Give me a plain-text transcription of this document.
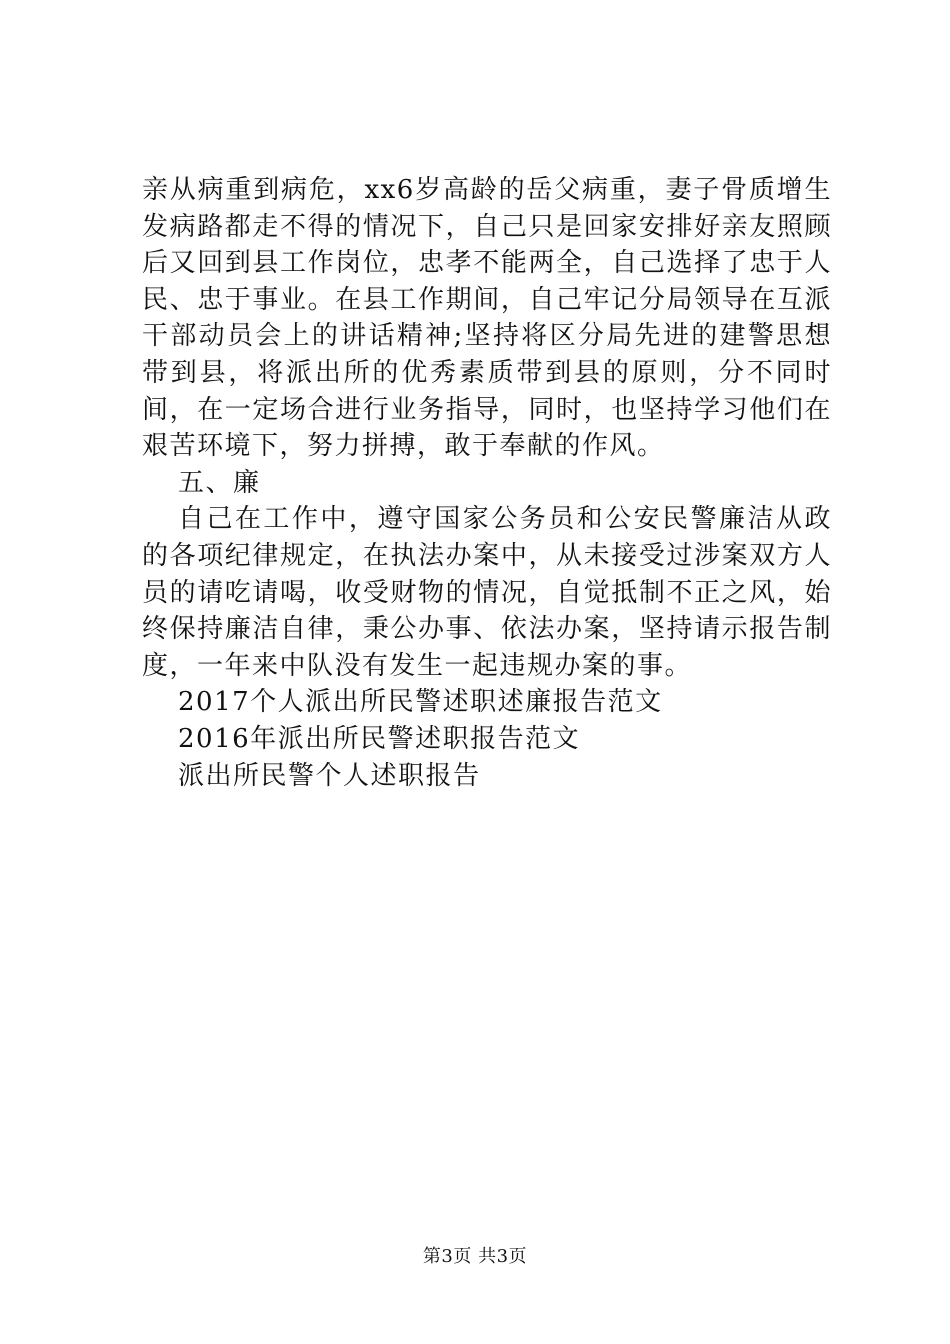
亲从病重到病危，xx6岁高龄的岳父病重，妻子骨质增生发病路都走不得的情况下，自己只是回家安排好亲友照顾后又回到县工作岗位，忠孝不能两全，自己选择了忠于人民、忠于事业。在县工作期间，自己牢记分局领导在互派干部动员会上的讲话精神;坚持将区分局先进的建警思想带到县，将派出所的优秀素质带到县的原则，分不同时间，在一定场合进行业务指导，同时，也坚持学习他们在艰苦环境下，努力拼搏，敢于奉献的作风。

五、廉

自己在工作中，遵守国家公务员和公安民警廉洁从政的各项纪律规定，在执法办案中，从未接受过涉案双方人员的请吃请喝，收受财物的情况，自觉抵制不正之风，始终保持廉洁自律，秉公办事、依法办案，坚持请示报告制度，一年来中队没有发生一起违规办案的事。

2017个人派出所民警述职述廉报告范文

2016年派出所民警述职报告范文

派出所民警个人述职报告

第3页 共3页
